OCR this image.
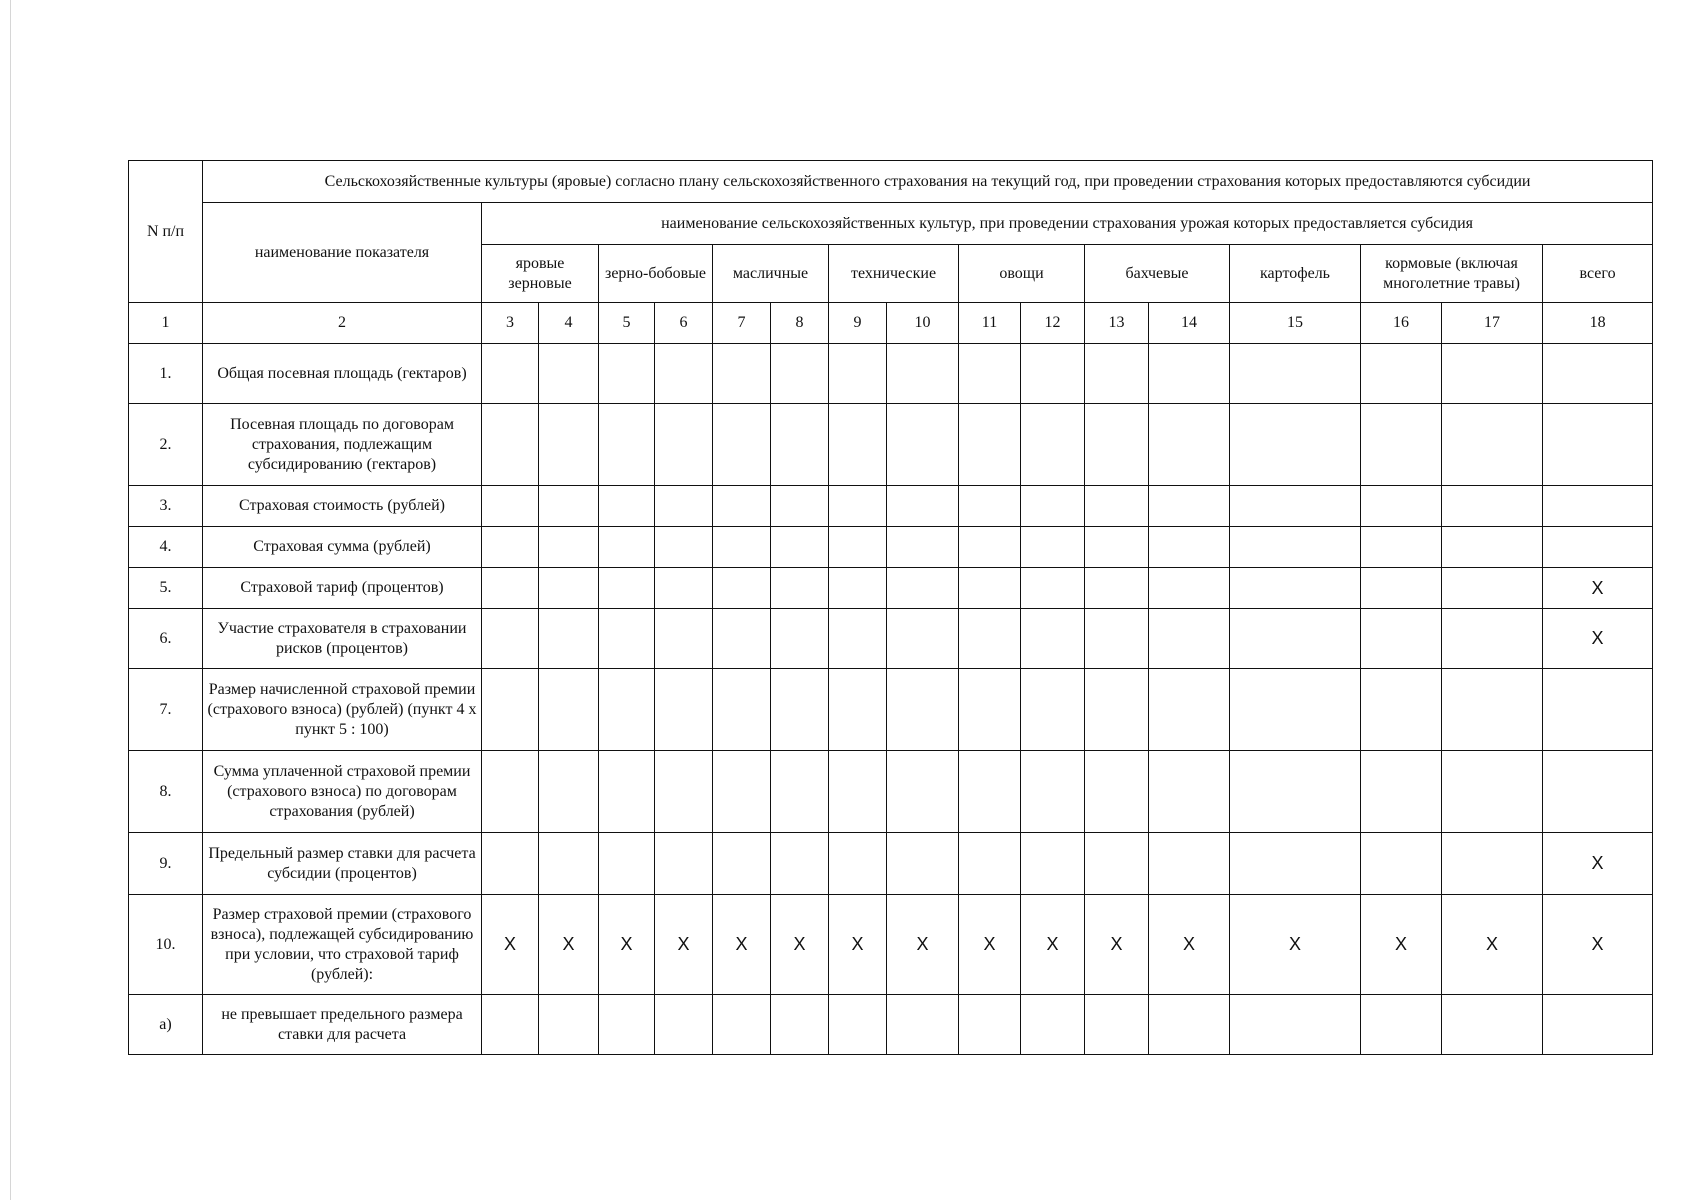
N п/п	Сельскохозяйственные культуры (яровые) согласно плану сельскохозяйственного страхования на текущий год, при проведении страхования которых предоставляются субсидии																
	наименование показателя	наименование сельскохозяйственных культур, при проведении страхования урожая которых предоставляется субсидия															
		яровые зерновые		зерно-бобовые		масличные		технические		овощи		бахчевые		картофель	кормовые (включая многолетние травы)		всего
1	2	3	4	5	6	7	8	9	10	11	12	13	14	15	16	17	18
1.	Общая посевная площадь (гектаров)																
2.	Посевная площадь по договорам страхования, подлежащим субсидированию (гектаров)																
3.	Страховая стоимость (рублей)																
4.	Страховая сумма (рублей)																
5.	Страховой тариф (процентов)																X
6.	Участие страхователя в страховании рисков (процентов)																X
7.	Размер начисленной страховой премии (страхового взноса) (рублей) (пункт 4 x пункт 5 : 100)																
8.	Сумма уплаченной страховой премии (страхового взноса) по договорам страхования (рублей)																
9.	Предельный размер ставки для расчета субсидии (процентов)																X
10.	Размер страховой премии (страхового взноса), подлежащей субсидированию при условии, что страховой тариф (рублей):	X	X	X	X	X	X	X	X	X	X	X	X	X	X	X	X
а)	не превышает предельного размера ставки для расчета																
